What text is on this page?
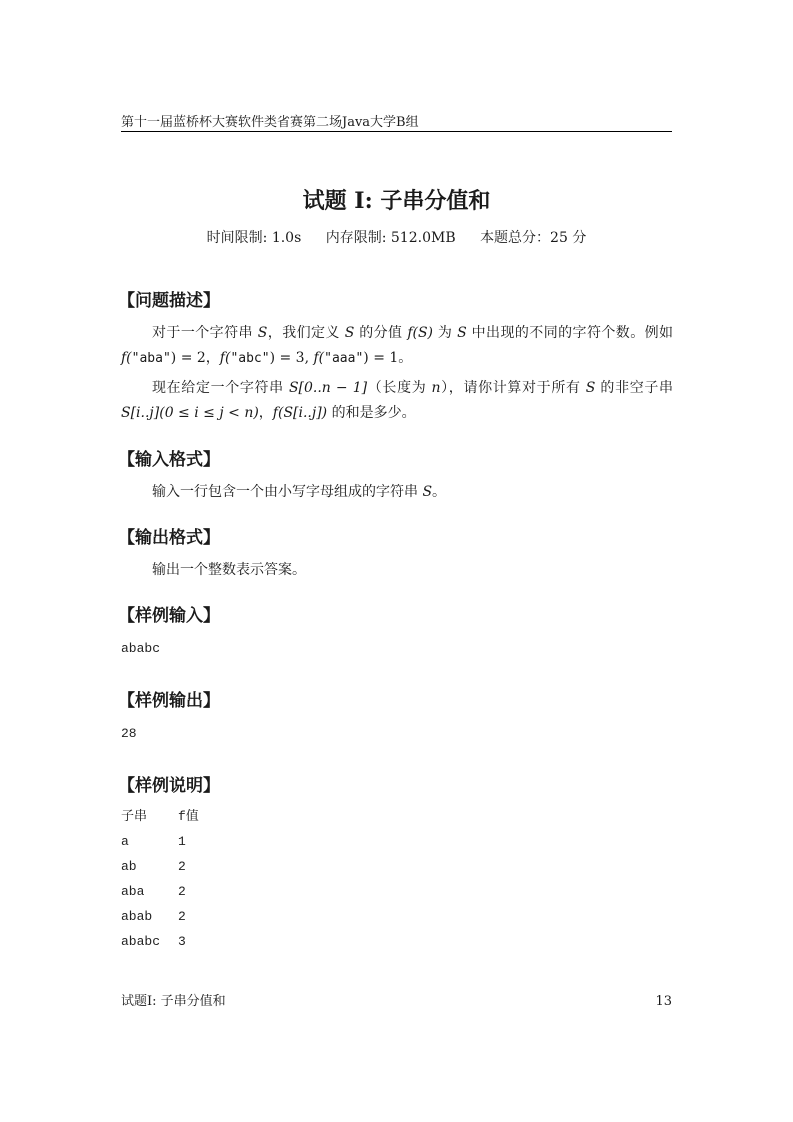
第十一届蓝桥杯大赛软件类省赛第二场Java大学B组
试题 I: 子串分值和
时间限制: 1.0s 内存限制: 512.0MB 本题总分：25 分
【问题描述】
对于一个字符串 S，我们定义 S 的分值 f(S) 为 S 中出现的不同的字符个数。例如 f("aba") = 2，f("abc") = 3, f("aaa") = 1。
现在给定一个字符串 S[0..n − 1]（长度为 n），请你计算对于所有 S 的非空子串 S[i..j](0 ≤ i ≤ j < n)，f(S[i..j]) 的和是多少。
【输入格式】
输入一行包含一个由小写字母组成的字符串 S。
【输出格式】
输出一个整数表示答案。
【样例输入】
ababc
【样例输出】
28
【样例说明】
子串	f值
a	1
ab	2
aba	2
abab	2
ababc	3
试题I: 子串分值和	13
